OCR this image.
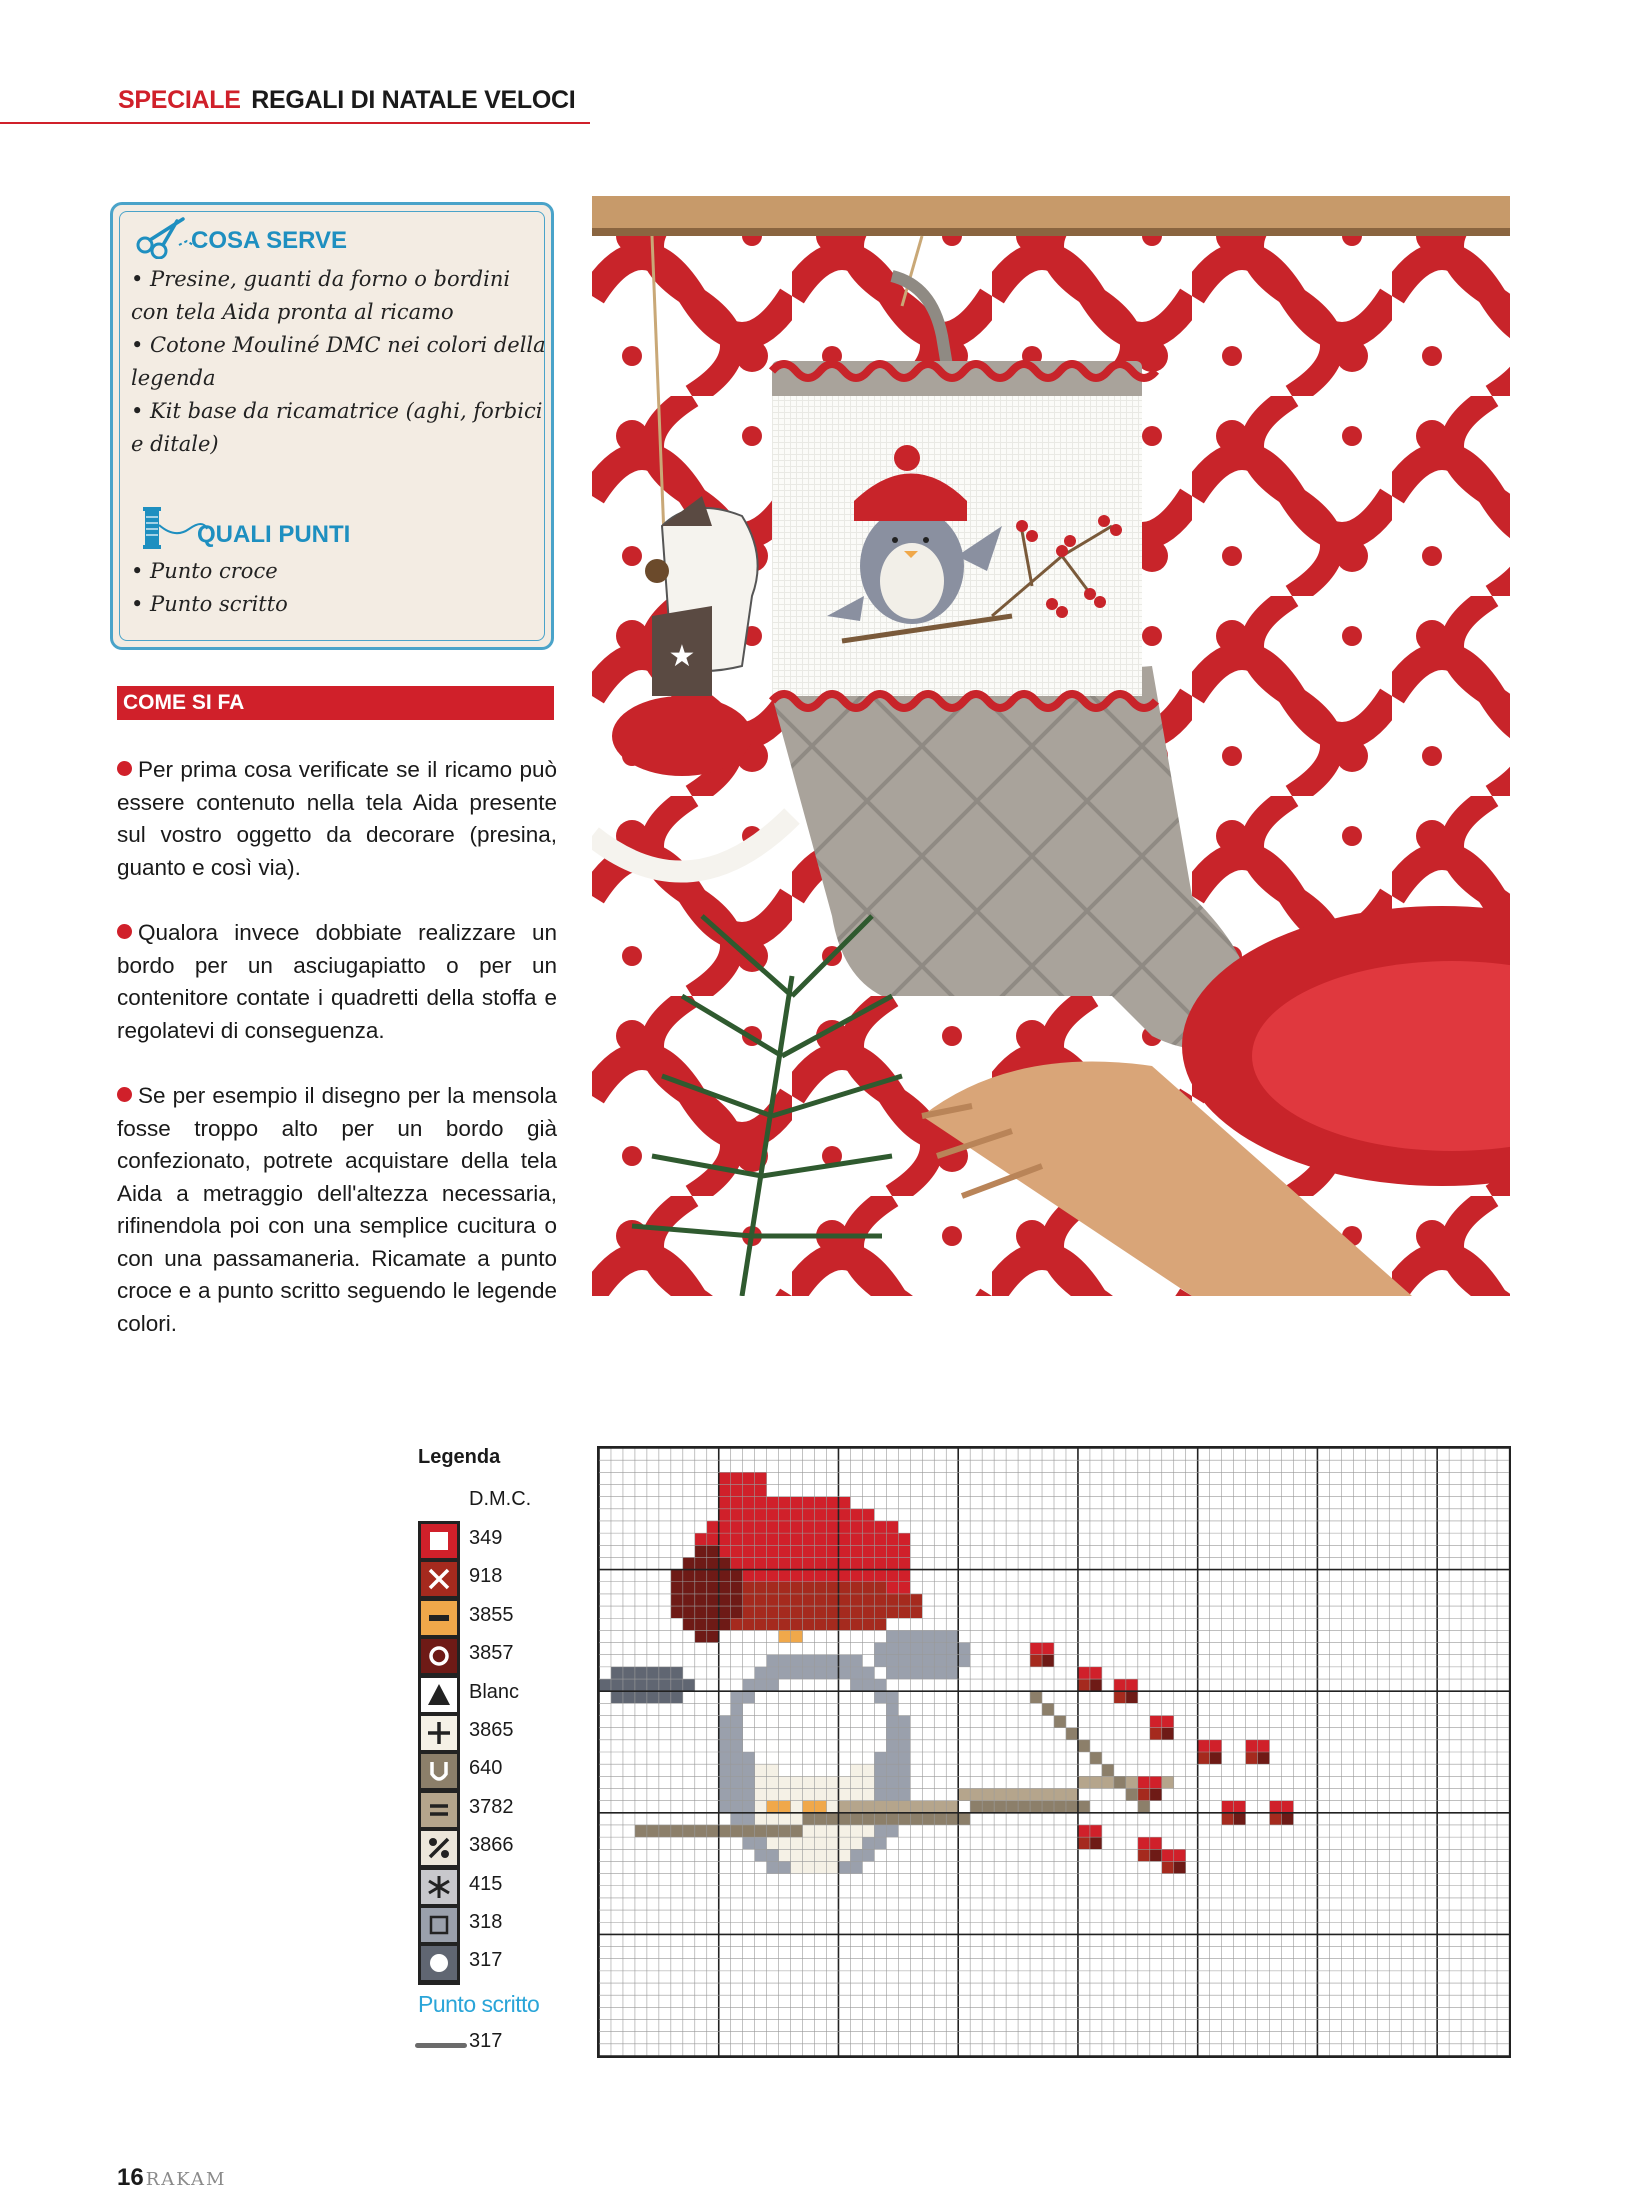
SPECIALE REGALI DI NATALE VELOCI
COSA SERVE
• Presine, guanti da forno o bordini
con tela Aida pronta al ricamo
• Cotone Mouliné DMC nei colori della
legenda
• Kit base da ricamatrice (aghi, forbici
e ditale)
QUALI PUNTI
• Punto croce
• Punto scritto
COME SI FA
Per prima cosa verificate se il ricamo può essere contenuto nella tela Aida presente sul vostro oggetto da decorare (presina, guanto e così via).
Qualora invece dobbiate realizzare un bordo per un asciugapiatto o per un contenitore contate i quadretti della stoffa e regolatevi di conseguenza.
Se per esempio il disegno per la mensola fosse troppo alto per un bordo già confezionato, potrete acquistare della tela Aida a metraggio dell'altezza necessaria, rifinendola poi con una semplice cucitura o con una passamaneria. Ricamate a punto croce e a punto scritto seguendo le legende colori.
★
Legenda
D.M.C.
349
918
3855
3857
Blanc
3865
640
3782
3866
415
318
317
Punto scritto
317
16 RAKAM
